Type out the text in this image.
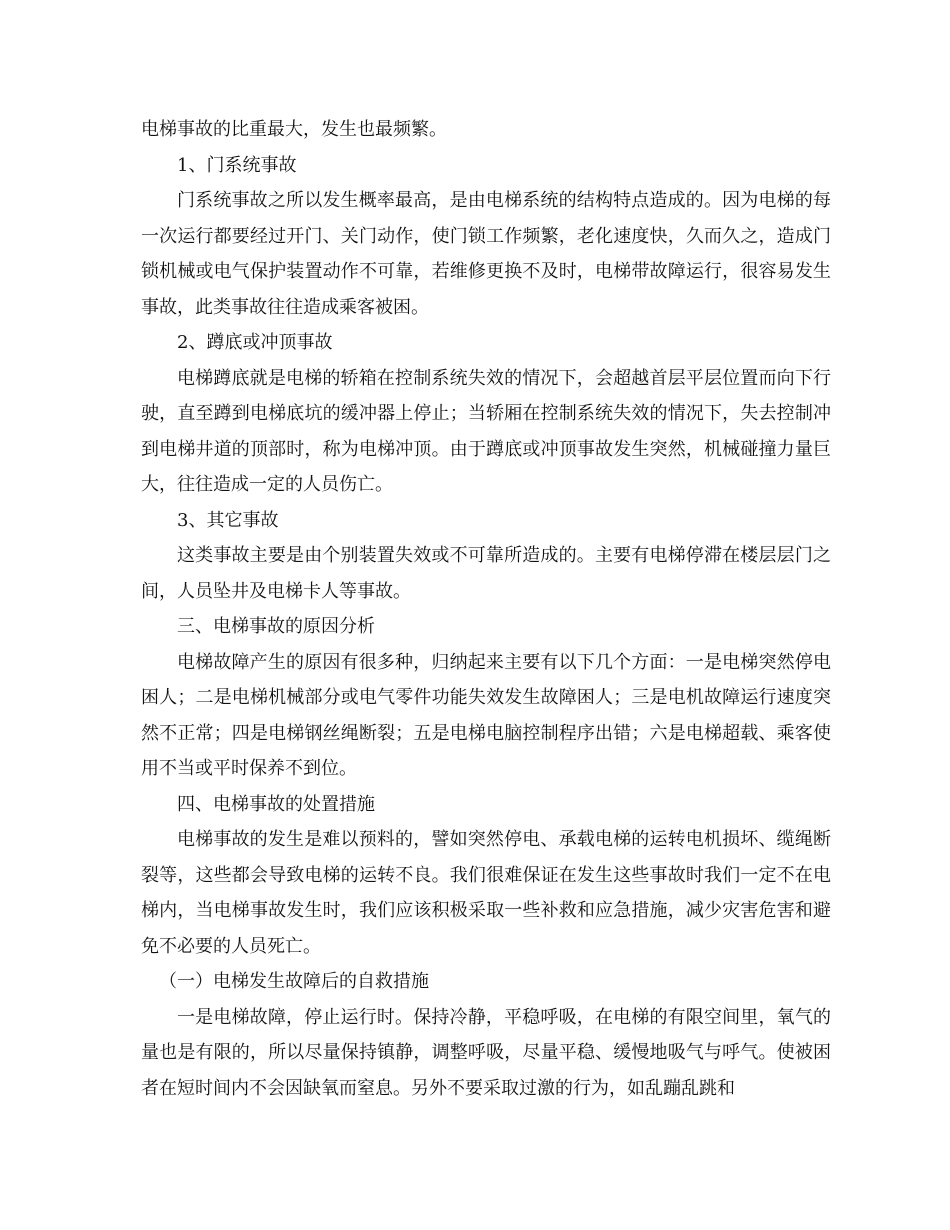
电梯事故的比重最大，发生也最频繁。

1、门系统事故

门系统事故之所以发生概率最高，是由电梯系统的结构特点造成的。因为电梯的每一次运行都要经过开门、关门动作，使门锁工作频繁，老化速度快，久而久之，造成门锁机械或电气保护装置动作不可靠，若维修更换不及时，电梯带故障运行，很容易发生事故，此类事故往往造成乘客被困。

2、蹲底或冲顶事故

电梯蹲底就是电梯的轿箱在控制系统失效的情况下，会超越首层平层位置而向下行驶，直至蹲到电梯底坑的缓冲器上停止；当轿厢在控制系统失效的情况下，失去控制冲到电梯井道的顶部时，称为电梯冲顶。由于蹲底或冲顶事故发生突然，机械碰撞力量巨大，往往造成一定的人员伤亡。

3、其它事故

这类事故主要是由个别装置失效或不可靠所造成的。主要有电梯停滞在楼层层门之间，人员坠井及电梯卡人等事故。

三、电梯事故的原因分析

电梯故障产生的原因有很多种，归纳起来主要有以下几个方面：一是电梯突然停电困人；二是电梯机械部分或电气零件功能失效发生故障困人；三是电机故障运行速度突然不正常；四是电梯钢丝绳断裂；五是电梯电脑控制程序出错；六是电梯超载、乘客使用不当或平时保养不到位。

四、电梯事故的处置措施

电梯事故的发生是难以预料的，譬如突然停电、承载电梯的运转电机损坏、缆绳断裂等，这些都会导致电梯的运转不良。我们很难保证在发生这些事故时我们一定不在电梯内，当电梯事故发生时，我们应该积极采取一些补救和应急措施，减少灾害危害和避免不必要的人员死亡。

（一）电梯发生故障后的自救措施

一是电梯故障，停止运行时。保持冷静，平稳呼吸，在电梯的有限空间里，氧气的量也是有限的，所以尽量保持镇静，调整呼吸，尽量平稳、缓慢地吸气与呼气。使被困者在短时间内不会因缺氧而窒息。另外不要采取过激的行为，如乱蹦乱跳和
